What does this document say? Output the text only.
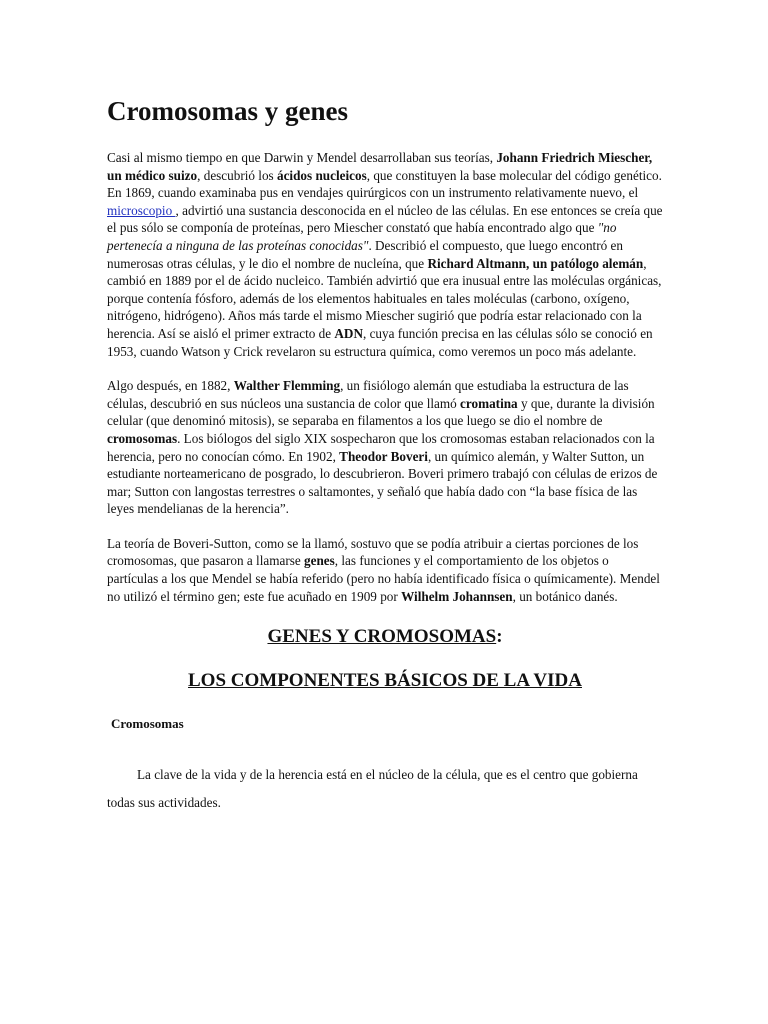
Cromosomas y genes

Casi al mismo tiempo en que Darwin y Mendel desarrollaban sus teorías, Johann Friedrich Miescher, un médico suizo, descubrió los ácidos nucleicos, que constituyen la base molecular del código genético. En 1869, cuando examinaba pus en vendajes quirúrgicos con un instrumento relativamente nuevo, el microscopio , advirtió una sustancia desconocida en el núcleo de las células. En ese entonces se creía que el pus sólo se componía de proteínas, pero Miescher constató que había encontrado algo que "no pertenecía a ninguna de las proteínas conocidas". Describió el compuesto, que luego encontró en numerosas otras células, y le dio el nombre de nucleína, que Richard Altmann, un patólogo alemán, cambió en 1889 por el de ácido nucleico. También advirtió que era inusual entre las moléculas orgánicas, porque contenía fósforo, además de los elementos habituales en tales moléculas (carbono, oxígeno, nitrógeno, hidrógeno). Años más tarde el mismo Miescher sugirió que podría estar relacionado con la herencia. Así se aisló el primer extracto de ADN, cuya función precisa en las células sólo se conoció en 1953, cuando Watson y Crick revelaron su estructura química, como veremos un poco más adelante.

Algo después, en 1882, Walther Flemming, un fisiólogo alemán que estudiaba la estructura de las células, descubrió en sus núcleos una sustancia de color que llamó cromatina y que, durante la división celular (que denominó mitosis), se separaba en filamentos a los que luego se dio el nombre de cromosomas. Los biólogos del siglo XIX sospecharon que los cromosomas estaban relacionados con la herencia, pero no conocían cómo. En 1902, Theodor Boveri, un químico alemán, y Walter Sutton, un estudiante norteamericano de posgrado, lo descubrieron. Boveri primero trabajó con células de erizos de mar; Sutton con langostas terrestres o saltamontes, y señaló que había dado con “la base física de las leyes mendelianas de la herencia”.

La teoría de Boveri-Sutton, como se la llamó, sostuvo que se podía atribuir a ciertas porciones de los cromosomas, que pasaron a llamarse genes, las funciones y el comportamiento de los objetos o partículas a los que Mendel se había referido (pero no había identificado física o químicamente). Mendel no utilizó el término gen; este fue acuñado en 1909 por Wilhelm Johannsen, un botánico danés.

GENES Y CROMOSOMAS:
LOS COMPONENTES BÁSICOS DE LA VIDA
Cromosomas

La clave de la vida y de la herencia está en el núcleo de la célula, que es el centro que gobierna todas sus actividades.
